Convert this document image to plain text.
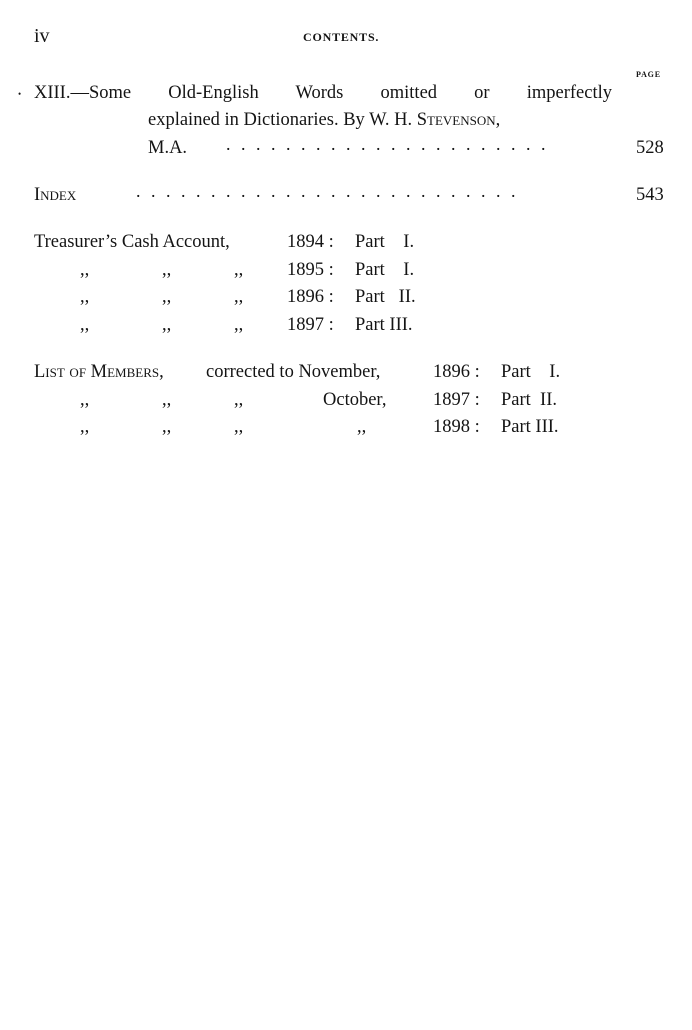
iv	CONTENTS.
PAGE
• XIII.—Some Old-English Words omitted or imperfectly
explained in Dictionaries. By W. H. Stevenson,
M.A. . . . . . . . . . . . . . . . . . . . . . .	528
Index	. . . . . . . . . . . . . . . . . . . . . . . . . .	543
Treasurer’s Cash Account,	1894 : Part    I.
,,	,,	,, 1895 : Part    I.
,,	,,	,, 1896 : Part   II.
,,	,,	,, 1897 : Part III.
List of Members, corrected to November,	1896 : Part    I.
,,	,,	,,	October,	1897 : Part  II.
,,	,,	,,	,,	1898 : Part III.
